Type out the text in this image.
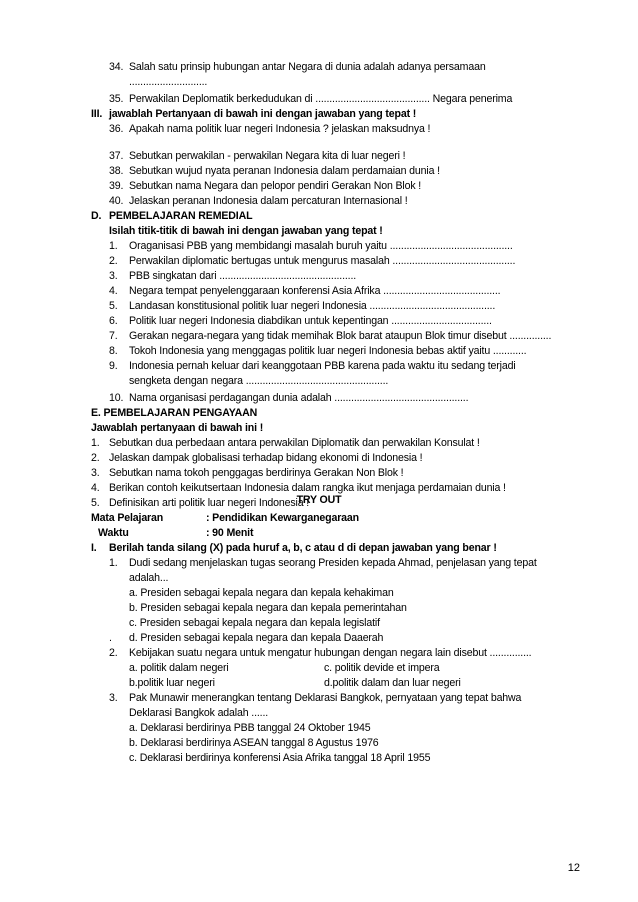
34. Salah satu prinsip hubungan antar Negara di dunia adalah adanya persamaan
............................
35. Perwakilan Deplomatik berkedudukan di ......................................... Negara penerima
III. jawablah Pertanyaan di bawah ini dengan jawaban yang tepat !
36. Apakah nama politik luar negeri Indonesia ? jelaskan maksudnya !
37. Sebutkan perwakilan - perwakilan Negara kita di luar negeri !
38. Sebutkan wujud nyata peranan Indonesia dalam perdamaian dunia !
39. Sebutkan nama Negara dan pelopor pendiri Gerakan Non Blok !
40. Jelaskan peranan Indonesia dalam percaturan Internasional !
D. PEMBELAJARAN REMEDIAL
Isilah titik-titik di bawah ini dengan jawaban yang tepat !
1. Oraganisasi PBB yang membidangi masalah buruh yaitu ............................................
2. Perwakilan diplomatic bertugas untuk mengurus masalah ............................................
3. PBB singkatan dari .................................................
4. Negara tempat penyelenggaraan konferensi Asia Afrika ..........................................
5. Landasan konstitusional politik luar negeri Indonesia .............................................
6. Politik luar negeri Indonesia diabdikan untuk kepentingan ....................................
7. Gerakan negara-negara yang tidak memihak Blok barat ataupun Blok timur disebut ...............
8. Tokoh Indonesia yang menggagas politik luar negeri Indonesia bebas aktif yaitu ............
9. Indonesia pernah keluar dari keanggotaan PBB karena pada waktu itu sedang terjadi
sengketa dengan negara ...................................................
10. Nama organisasi perdagangan dunia adalah ................................................
E. PEMBELAJARAN PENGAYAAN
Jawablah pertanyaan di bawah ini !
1. Sebutkan dua perbedaan antara perwakilan Diplomatik dan perwakilan Konsulat !
2. Jelaskan dampak globalisasi terhadap bidang ekonomi di Indonesia !
3. Sebutkan nama tokoh penggagas berdirinya Gerakan Non Blok !
4. Berikan contoh keikutsertaan Indonesia dalam rangka ikut menjaga perdamaian dunia !
5. Definisikan arti politik luar negeri Indonesia !
TRY OUT
Mata Pelajaran	: Pendidikan Kewarganegaraan
Waktu	: 90 Menit
I. Berilah tanda silang (X) pada huruf a, b, c atau d di depan jawaban yang benar !
1. Dudi sedang menjelaskan tugas seorang Presiden kepada Ahmad, penjelasan yang tepat
adalah...
a. Presiden sebagai kepala negara dan kepala kehakiman
b. Presiden sebagai kepala negara dan kepala pemerintahan
c. Presiden sebagai kepala negara dan kepala legislatif
. d. Presiden sebagai kepala negara dan kepala Daaerah
2. Kebijakan suatu negara untuk mengatur hubungan dengan negara lain disebut ...............
a. politik dalam negeri	c. politik devide et impera
b.politik luar negeri	d.politik dalam dan luar negeri
3. Pak Munawir menerangkan tentang Deklarasi Bangkok, pernyataan yang tepat bahwa
Deklarasi Bangkok adalah ......
a. Deklarasi berdirinya PBB tanggal 24 Oktober 1945
b. Deklarasi berdirinya ASEAN tanggal 8 Agustus 1976
c. Deklarasi berdirinya konferensi Asia Afrika tanggal 18 April 1955
12
